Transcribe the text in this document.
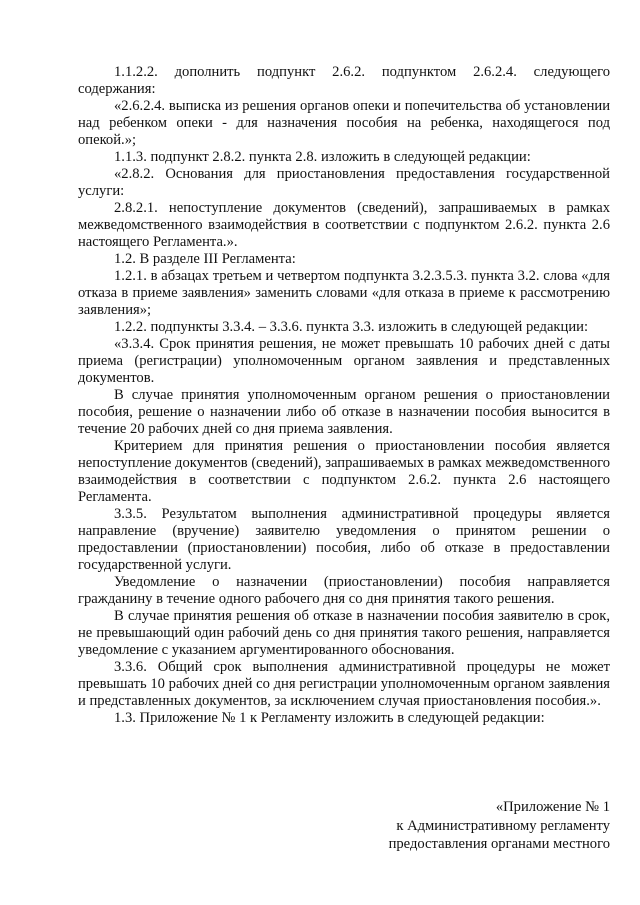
1.1.2.2. дополнить подпункт 2.6.2. подпунктом 2.6.2.4. следующего содержания:

«2.6.2.4. выписка из решения органов опеки и попечительства об установлении над ребенком опеки - для назначения пособия на ребенка, находящегося под опекой.»;

1.1.3. подпункт 2.8.2. пункта 2.8. изложить в следующей редакции:

«2.8.2. Основания для приостановления предоставления государственной услуги:

2.8.2.1. непоступление документов (сведений), запрашиваемых в рамках межведомственного взаимодействия в соответствии с подпунктом 2.6.2. пункта 2.6 настоящего Регламента.».

1.2. В разделе III Регламента:

1.2.1. в абзацах третьем и четвертом подпункта 3.2.3.5.3. пункта 3.2. слова «для отказа в приеме заявления» заменить словами «для отказа в приеме к рассмотрению заявления»;

1.2.2. подпункты 3.3.4. – 3.3.6. пункта 3.3. изложить в следующей редакции:

«3.3.4. Срок принятия решения, не может превышать 10 рабочих дней с даты приема (регистрации) уполномоченным органом заявления и представленных документов.

В случае принятия уполномоченным органом решения о приостановлении пособия, решение о назначении либо об отказе в назначении пособия выносится в течение 20 рабочих дней со дня приема заявления.

Критерием для принятия решения о приостановлении пособия является непоступление документов (сведений), запрашиваемых в рамках межведомственного взаимодействия в соответствии с подпунктом 2.6.2. пункта 2.6 настоящего Регламента.

3.3.5. Результатом выполнения административной процедуры является направление (вручение) заявителю уведомления о принятом решении о предоставлении (приостановлении) пособия, либо об отказе в предоставлении государственной услуги.

Уведомление о назначении (приостановлении) пособия направляется гражданину в течение одного рабочего дня со дня принятия такого решения.

В случае принятия решения об отказе в назначении пособия заявителю в срок, не превышающий один рабочий день со дня принятия такого решения, направляется уведомление с указанием аргументированного обоснования.

3.3.6. Общий срок выполнения административной процедуры не может превышать 10 рабочих дней со дня регистрации уполномоченным органом заявления и представленных документов, за исключением случая приостановления пособия.».

1.3. Приложение № 1 к Регламенту изложить в следующей редакции:

«Приложение № 1
к Административному регламенту
предоставления органами местного
